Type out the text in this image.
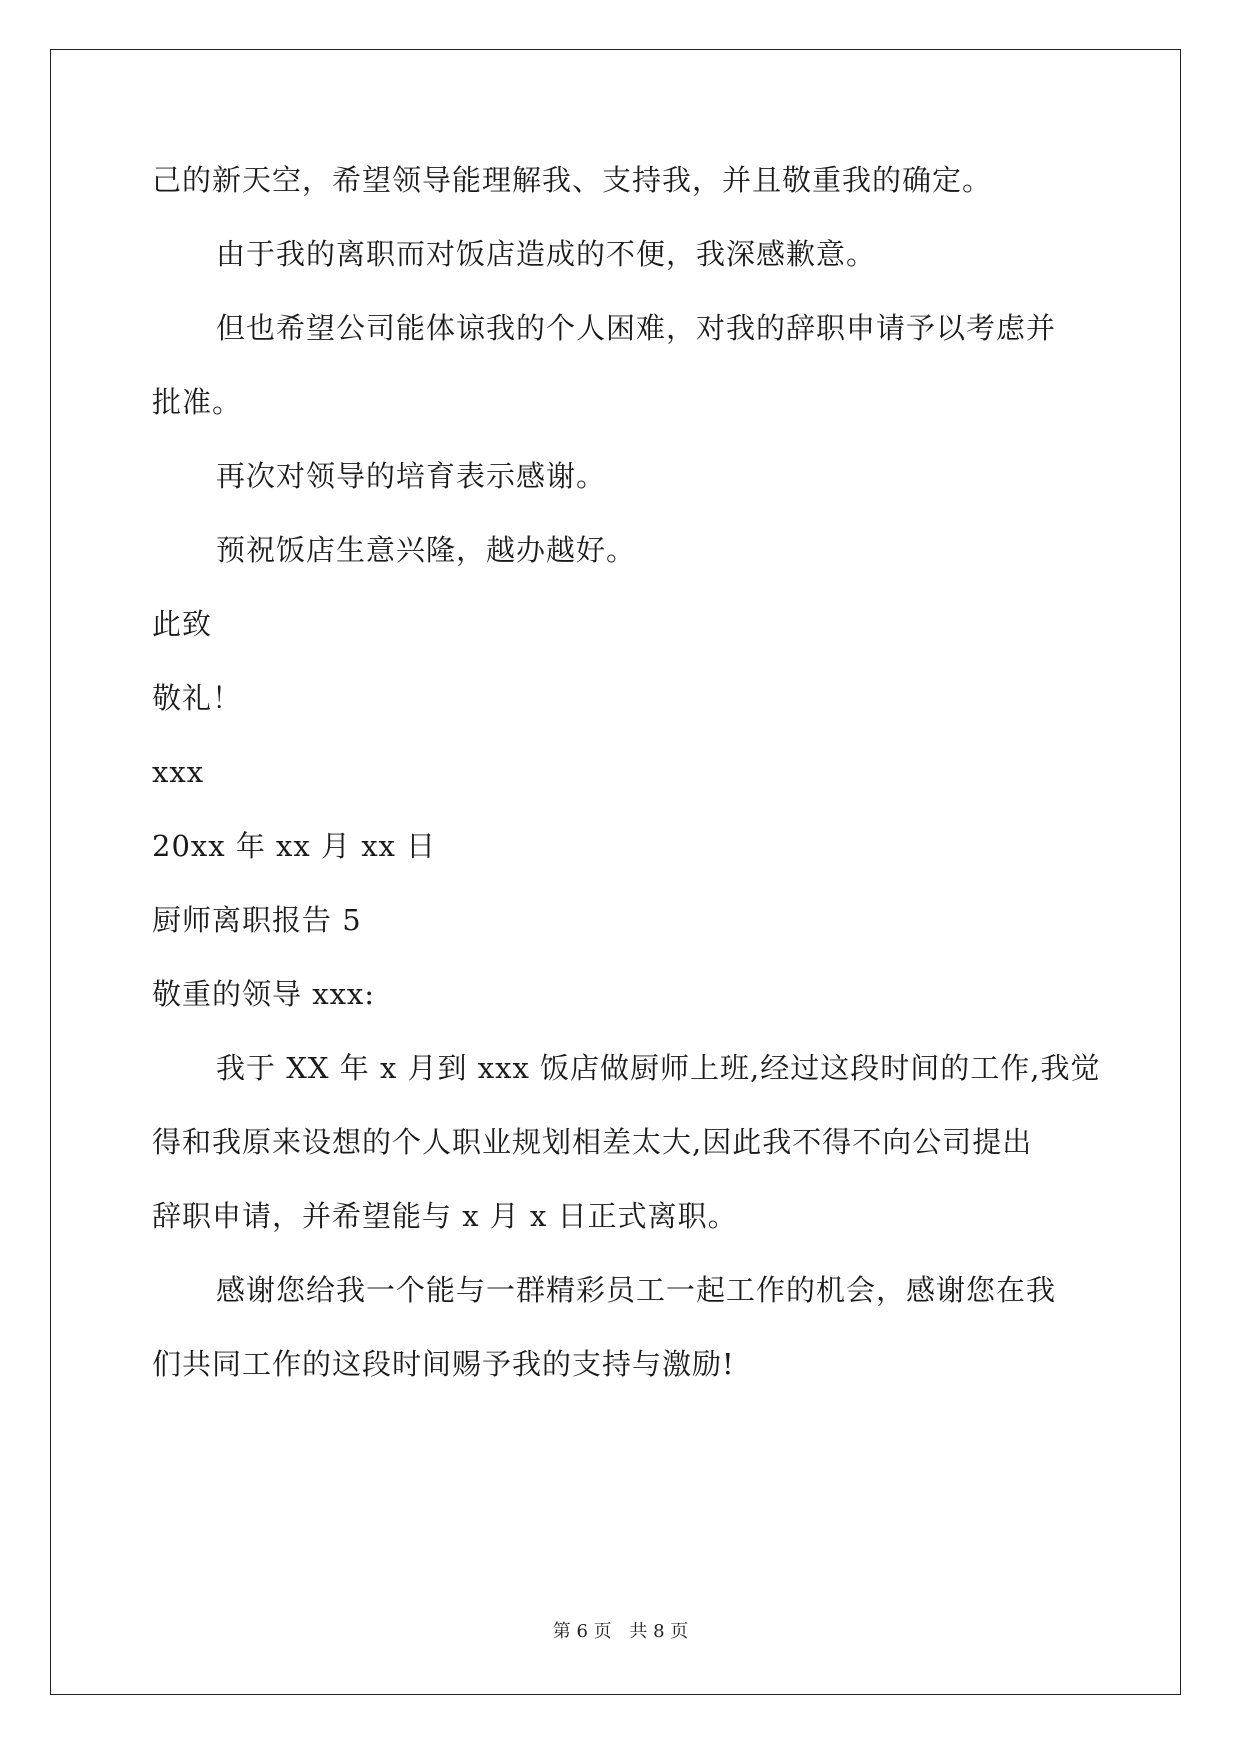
己的新天空，希望领导能理解我、支持我，并且敬重我的确定。
由于我的离职而对饭店造成的不便，我深感歉意。
但也希望公司能体谅我的个人困难，对我的辞职申请予以考虑并
批准。
再次对领导的培育表示感谢。
预祝饭店生意兴隆，越办越好。
此致
敬礼！
xxx
20xx 年 xx 月 xx 日
厨师离职报告 5
敬重的领导 xxx:
我于 XX 年 x 月到 xxx 饭店做厨师上班,经过这段时间的工作,我觉
得和我原来设想的个人职业规划相差太大,因此我不得不向公司提出
辞职申请，并希望能与 x 月 x 日正式离职。
感谢您给我一个能与一群精彩员工一起工作的机会，感谢您在我
们共同工作的这段时间赐予我的支持与激励!
第 6 页 共 8 页
